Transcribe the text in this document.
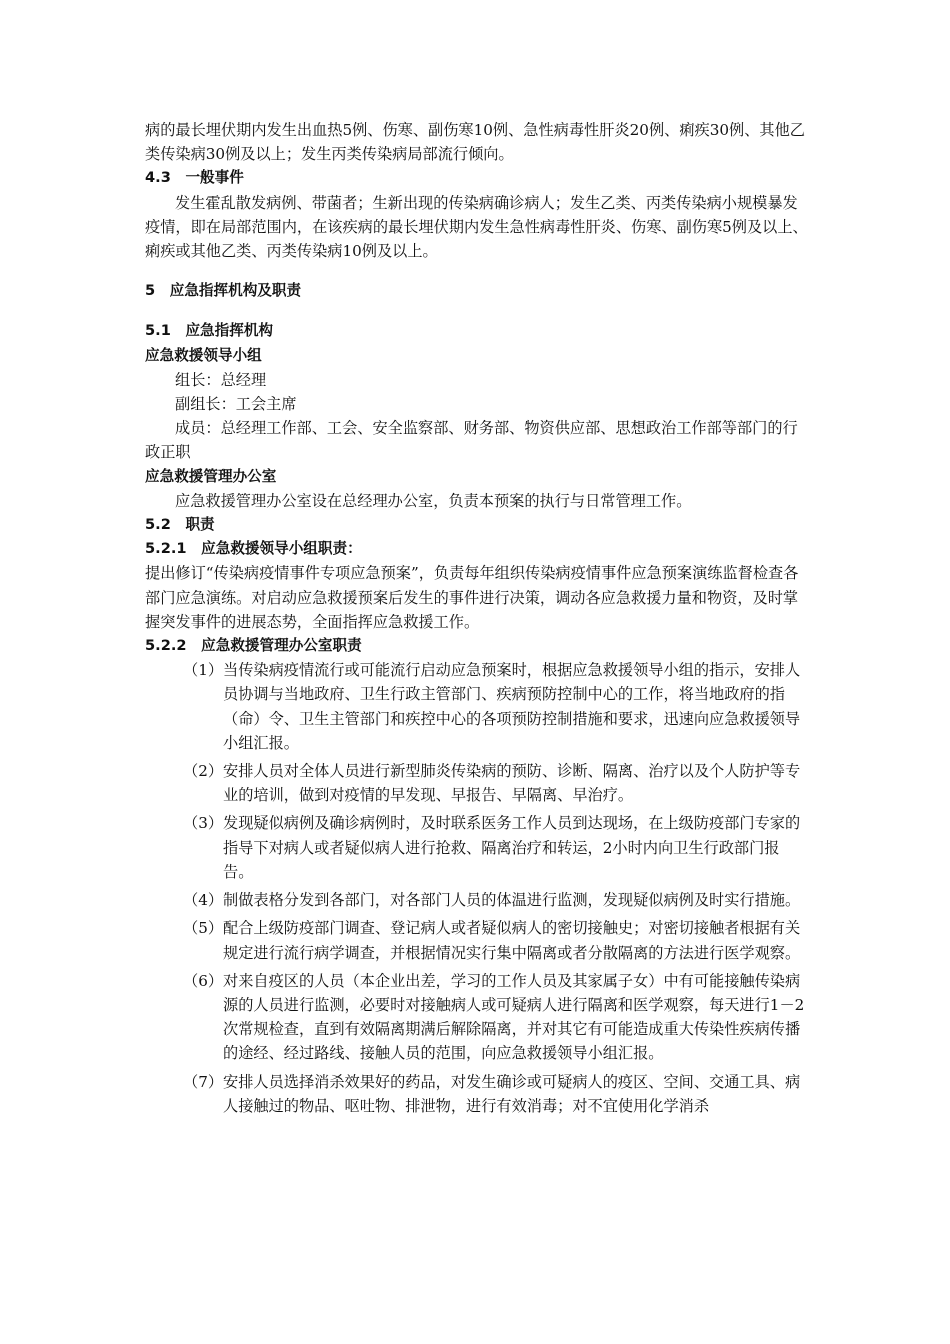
病的最长埋伏期内发生出血热5例、伤寒、副伤寒10例、急性病毒性肝炎20例、痢疾30例、其他乙类传染病30例及以上；发生丙类传染病局部流行倾向。

4.3　一般事件

发生霍乱散发病例、带菌者；生新出现的传染病确诊病人；发生乙类、丙类传染病小规模暴发疫情，即在局部范围内，在该疾病的最长埋伏期内发生急性病毒性肝炎、伤寒、副伤寒5例及以上、痢疾或其他乙类、丙类传染病10例及以上。

5　应急指挥机构及职责

5.1　应急指挥机构

应急救援领导小组

组长：总经理

副组长：工会主席

成员：总经理工作部、工会、安全监察部、财务部、物资供应部、思想政治工作部等部门的行政正职

应急救援管理办公室

应急救援管理办公室设在总经理办公室，负责本预案的执行与日常管理工作。

5.2　职责

5.2.1　应急救援领导小组职责：

提出修订“传染病疫情事件专项应急预案”，负责每年组织传染病疫情事件应急预案演练监督检查各部门应急演练。对启动应急救援预案后发生的事件进行决策，调动各应急救援力量和物资，及时掌握突发事件的进展态势，全面指挥应急救援工作。

5.2.2　应急救援管理办公室职责

（1） 当传染病疫情流行或可能流行启动应急预案时，根据应急救援领导小组的指示，安排人员协调与当地政府、卫生行政主管部门、疾病预防控制中心的工作，将当地政府的指（命）令、卫生主管部门和疾控中心的各项预防控制措施和要求，迅速向应急救援领导小组汇报。
（2） 安排人员对全体人员进行新型肺炎传染病的预防、诊断、隔离、治疗以及个人防护等专业的培训，做到对疫情的早发现、早报告、早隔离、早治疗。
（3） 发现疑似病例及确诊病例时，及时联系医务工作人员到达现场，在上级防疫部门专家的指导下对病人或者疑似病人进行抢救、隔离治疗和转运，2小时内向卫生行政部门报告。
（4） 制做表格分发到各部门，对各部门人员的体温进行监测，发现疑似病例及时实行措施。
（5） 配合上级防疫部门调查、登记病人或者疑似病人的密切接触史；对密切接触者根据有关规定进行流行病学调查，并根据情况实行集中隔离或者分散隔离的方法进行医学观察。
（6） 对来自疫区的人员（本企业出差，学习的工作人员及其家属子女）中有可能接触传染病源的人员进行监测，必要时对接触病人或可疑病人进行隔离和医学观察，每天进行1－2次常规检查，直到有效隔离期满后解除隔离，并对其它有可能造成重大传染性疾病传播的途经、经过路线、接触人员的范围，向应急救援领导小组汇报。
（7） 安排人员选择消杀效果好的药品，对发生确诊或可疑病人的疫区、空间、交通工具、病人接触过的物品、呕吐物、排泄物，进行有效消毒；对不宜使用化学消杀
